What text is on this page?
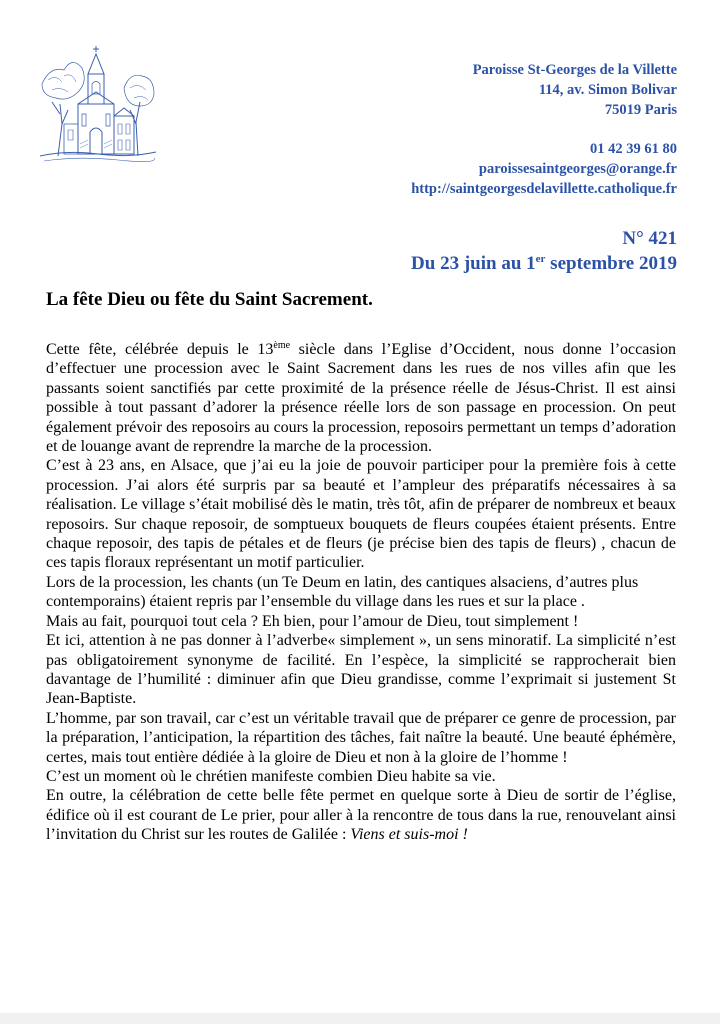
Paroisse St-Georges de la Villette
114, av. Simon Bolivar
75019 Paris
01 42 39 61 80
paroissesaintgeorges@orange.fr
http://saintgeorgesdelavillette.catholique.fr
N° 421
Du 23 juin au 1er septembre 2019
La fête Dieu ou fête du Saint Sacrement.

Cette fête, célébrée depuis le 13ème siècle dans l’Eglise d’Occident, nous donne l’occasion d’effectuer une procession avec le Saint Sacrement dans les rues de nos villes afin que les passants soient sanctifiés par cette proximité de la présence réelle de Jésus-Christ. Il est ainsi possible à tout passant d’adorer la présence réelle lors de son passage en procession. On peut également prévoir des reposoirs au cours la procession, reposoirs permettant un temps d’adoration et de louange avant de reprendre la marche de la procession.

C’est à 23 ans, en Alsace, que j’ai eu la joie de pouvoir participer pour la première fois à cette procession. J’ai alors été surpris par sa beauté et l’ampleur des préparatifs nécessaires à sa réalisation. Le village s’était mobilisé dès le matin, très tôt, afin de préparer de nombreux et beaux reposoirs. Sur chaque reposoir, de somptueux bouquets de fleurs coupées étaient présents. Entre chaque reposoir, des tapis de pétales et de fleurs (je précise bien des tapis de fleurs) , chacun de ces tapis floraux représentant un motif particulier.

Lors de la procession, les chants (un Te Deum en latin, des cantiques alsaciens, d’autres plus contemporains) étaient repris par l’ensemble du village dans les rues et sur la place .

Mais au fait, pourquoi tout cela ? Eh bien, pour l’amour de Dieu, tout simplement !

Et ici, attention à ne pas donner à l’adverbe« simplement », un sens minoratif. La simplicité n’est pas obligatoirement synonyme de facilité. En l’espèce, la simplicité se rapprocherait bien davantage de l’humilité : diminuer afin que Dieu grandisse, comme l’exprimait si justement St Jean-Baptiste.

L’homme, par son travail, car c’est un véritable travail que de préparer ce genre de procession, par la préparation, l’anticipation, la répartition des tâches, fait naître la beauté. Une beauté éphémère, certes, mais tout entière dédiée à la gloire de Dieu et non à la gloire de l’homme !

C’est un moment où le chrétien manifeste combien Dieu habite sa vie.

En outre, la célébration de cette belle fête permet en quelque sorte à Dieu de sortir de l’église, édifice où il est courant de Le prier, pour aller à la rencontre de tous dans la rue, renouvelant ainsi l’invitation du Christ sur les routes de Galilée : Viens et suis-moi !
